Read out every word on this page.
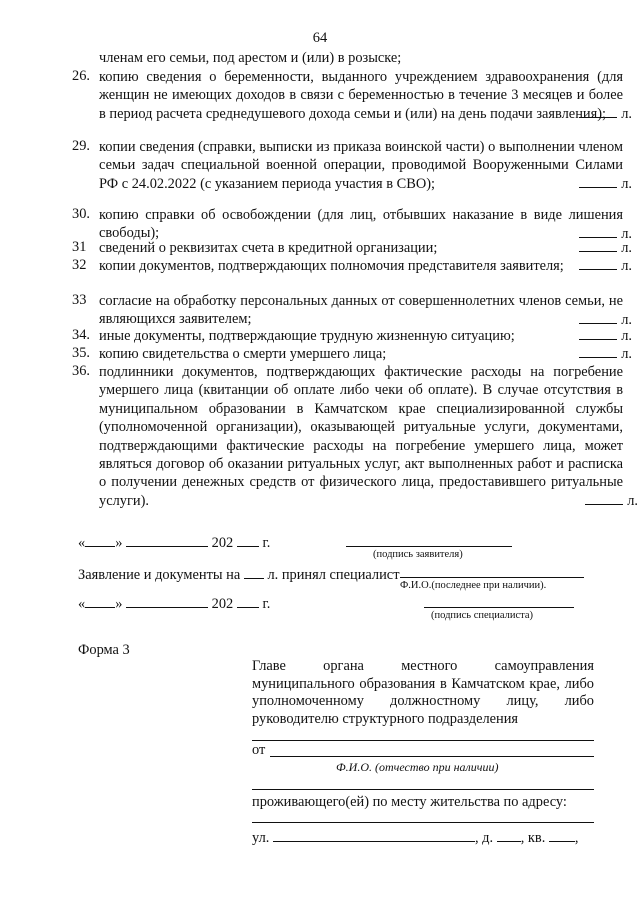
64
членам его семьи, под арестом и (или) в розыске;
26. копию сведения о беременности, выданного учреждением здравоохранения (для женщин не имеющих доходов в связи с беременностью в течение 3 месяцев и более в период расчета среднедушевого дохода семьи и (или) на день подачи заявления);	л.
29. копии сведения (справки, выписки из приказа воинской части) о выполнении членом семьи задач специальной военной операции, проводимой Вооруженными Силами РФ с 24.02.2022 (с указанием периода участия в СВО);	л.
30. копию справки об освобождении (для лиц, отбывших наказание в виде лишения свободы);	л.
31 сведений о реквизитах счета в кредитной организации;	л.
32 копии документов, подтверждающих полномочия представителя заявителя;	л.
33 согласие на обработку персональных данных от совершеннолетних членов семьи, не являющихся заявителем;	л.
34. иные документы, подтверждающие трудную жизненную ситуацию;	л.
35. копию свидетельства о смерти умершего лица;	л.
36. подлинники документов, подтверждающих фактические расходы на погребение умершего лица (квитанции об оплате либо чеки об оплате). В случае отсутствия в муниципальном образовании в Камчатском крае специализированной службы (уполномоченной организации), оказывающей ритуальные услуги, документами, подтверждающими фактические расходы на погребение умершего лица, может являться договор об оказании ритуальных услуг, акт выполненных работ и расписка о получении денежных средств от физического лица, предоставившего ритуальные услуги).	л.
« »	202 г.
(подпись заявителя)
Заявление и документы на л. принял специалист
Ф.И.О.(последнее при наличии).
« »	202 г.
(подпись специалиста)
Форма 3
Главе органа местного самоуправления муниципального образования в Камчатском крае, либо уполномоченному должностному лицу, либо руководителю структурного подразделения
от
Ф.И.О. (отчество при наличии)
проживающего(ей) по месту жительства по адресу:
ул.	, д. , кв. ,
